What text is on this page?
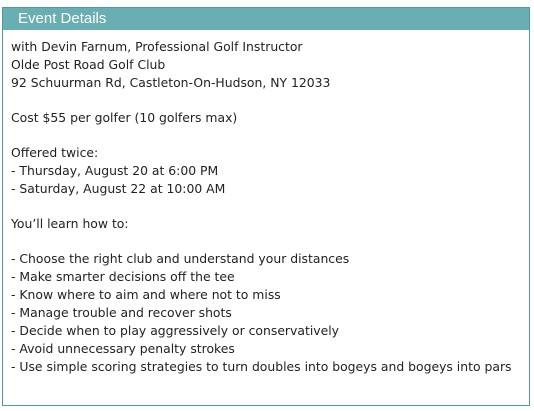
Event Details
with Devin Farnum, Professional Golf Instructor
Olde Post Road Golf Club
92 Schuurman Rd, Castleton-On-Hudson, NY 12033
Cost $55 per golfer (10 golfers max)
Offered twice:
- Thursday, August 20 at 6:00 PM
- Saturday, August 22 at 10:00 AM
You’ll learn how to:
- Choose the right club and understand your distances
- Make smarter decisions off the tee
- Know where to aim and where not to miss
- Manage trouble and recover shots
- Decide when to play aggressively or conservatively
- Avoid unnecessary penalty strokes
- Use simple scoring strategies to turn doubles into bogeys and bogeys into pars
